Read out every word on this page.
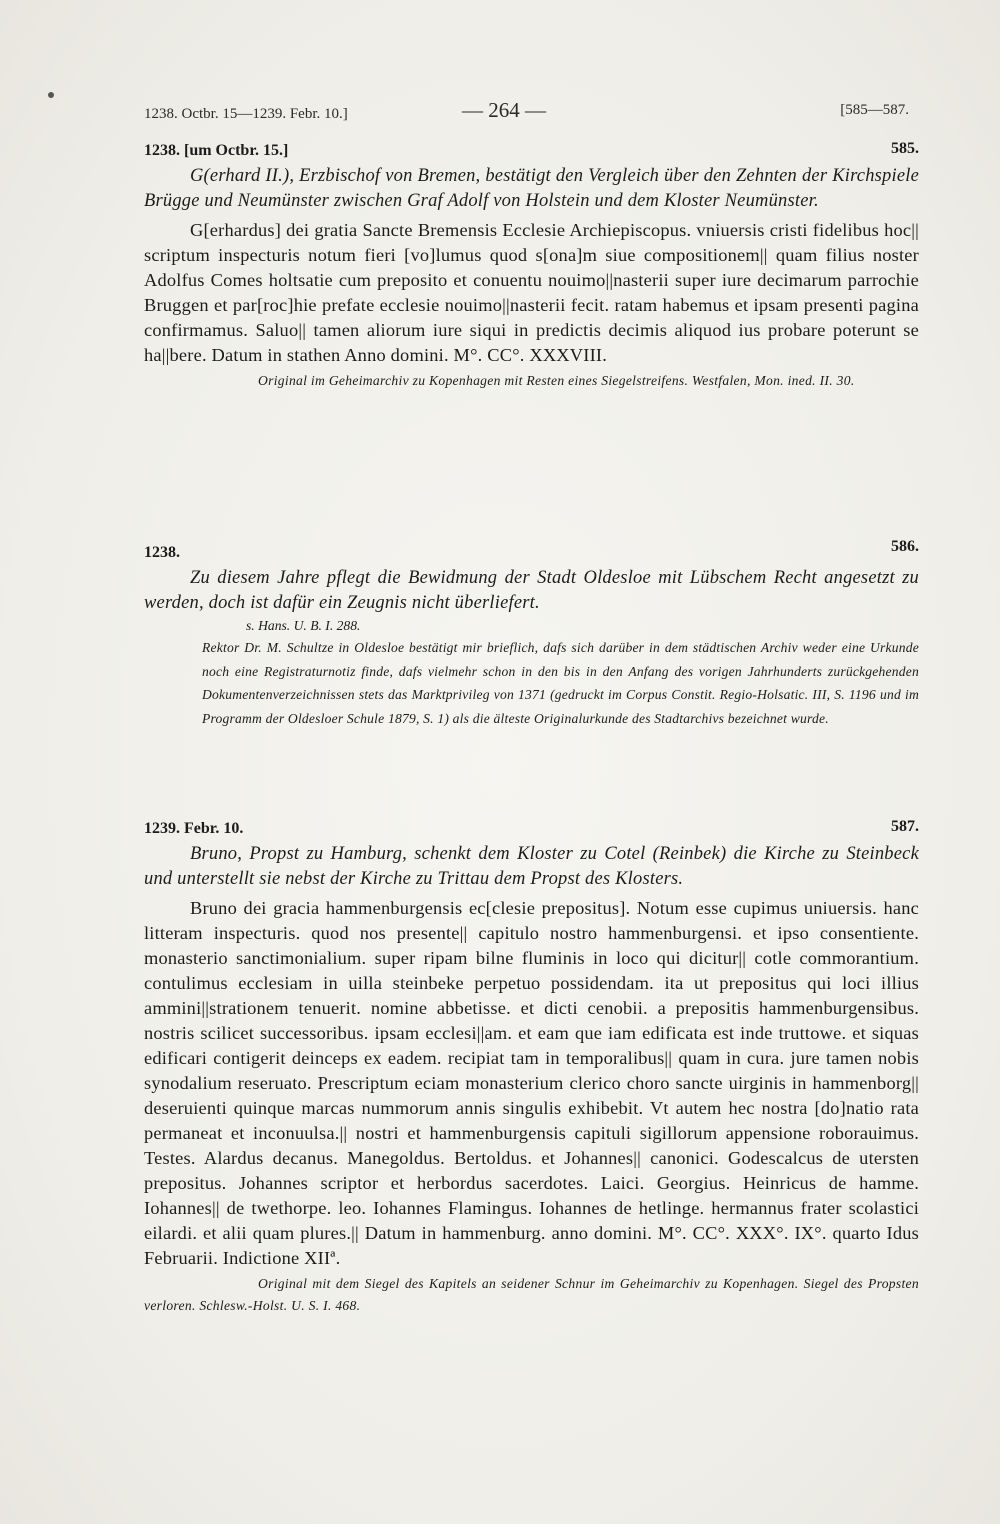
1238. Octbr. 15—1239. Febr. 10.]	— 264 —	[585—587.
1238. [um Octbr. 15.]	585.

G(erhard II.), Erzbischof von Bremen, bestätigt den Vergleich über den Zehnten der Kirchspiele Brügge und Neumünster zwischen Graf Adolf von Holstein und dem Kloster Neumünster.

G[erhardus] dei gratia Sancte Bremensis Ecclesie Archiepiscopus. vniuersis cristi fidelibus hoc|| scriptum inspecturis notum fieri [vo]lumus quod s[ona]m siue compositionem|| quam filius noster Adolfus Comes holtsatie cum preposito et conuentu nouimo||nasterii super iure decimarum parrochie Bruggen et par[roc]hie prefate ecclesie nouimo||nasterii fecit. ratam habemus et ipsam presenti pagina confirmamus. Saluo|| tamen aliorum iure siqui in predictis decimis aliquod ius probare poterunt se ha||bere. Datum in stathen Anno domini. M°. CC°. XXXVIII.

Original im Geheimarchiv zu Kopenhagen mit Resten eines Siegelstreifens. Westfalen, Mon. ined. II. 30.

1238.	586.

Zu diesem Jahre pflegt die Bewidmung der Stadt Oldesloe mit Lübschem Recht angesetzt zu werden, doch ist dafür ein Zeugnis nicht überliefert.

s. Hans. U. B. I. 288.

Rektor Dr. M. Schultze in Oldesloe bestätigt mir brieflich, dafs sich darüber in dem städtischen Archiv weder eine Urkunde noch eine Registraturnotiz finde, dafs vielmehr schon in den bis in den Anfang des vorigen Jahrhunderts zurückgehenden Dokumentenverzeichnissen stets das Marktprivileg von 1371 (gedruckt im Corpus Constit. Regio-Holsatic. III, S. 1196 und im Programm der Oldesloer Schule 1879, S. 1) als die älteste Originalurkunde des Stadtarchivs bezeichnet wurde.

1239. Febr. 10.	587.

Bruno, Propst zu Hamburg, schenkt dem Kloster zu Cotel (Reinbek) die Kirche zu Steinbeck und unterstellt sie nebst der Kirche zu Trittau dem Propst des Klosters.

Bruno dei gracia hammenburgensis ec[clesie prepositus]. Notum esse cupimus uniuersis. hanc litteram inspecturis. quod nos presente|| capitulo nostro hammenburgensi. et ipso consentiente. monasterio sanctimonialium. super ripam bilne fluminis in loco qui dicitur|| cotle commorantium. contulimus ecclesiam in uilla steinbeke perpetuo possidendam. ita ut prepositus qui loci illius ammini||strationem tenuerit. nomine abbetisse. et dicti cenobii. a prepositis hammenburgensibus. nostris scilicet successoribus. ipsam ecclesi||am. et eam que iam edificata est inde truttowe. et siquas edificari contigerit deinceps ex eadem. recipiat tam in temporalibus|| quam in cura. jure tamen nobis synodalium reseruato. Prescriptum eciam monasterium clerico choro sancte uirginis in hammenborg|| deseruienti quinque marcas nummorum annis singulis exhibebit. Vt autem hec nostra [do]natio rata permaneat et inconuulsa.|| nostri et hammenburgensis capituli sigillorum appensione roborauimus. Testes. Alardus decanus. Manegoldus. Bertoldus. et Johannes|| canonici. Godescalcus de utersten prepositus. Johannes scriptor et herbordus sacerdotes. Laici. Georgius. Heinricus de hamme. Iohannes|| de twethorpe. leo. Iohannes Flamingus. Iohannes de hetlinge. hermannus frater scolastici eilardi. et alii quam plures.|| Datum in hammenburg. anno domini. M°. CC°. XXX°. IX°. quarto Idus Februarii. Indictione XIIª.

Original mit dem Siegel des Kapitels an seidener Schnur im Geheimarchiv zu Kopenhagen. Siegel des Propsten verloren. Schlesw.-Holst. U. S. I. 468.
